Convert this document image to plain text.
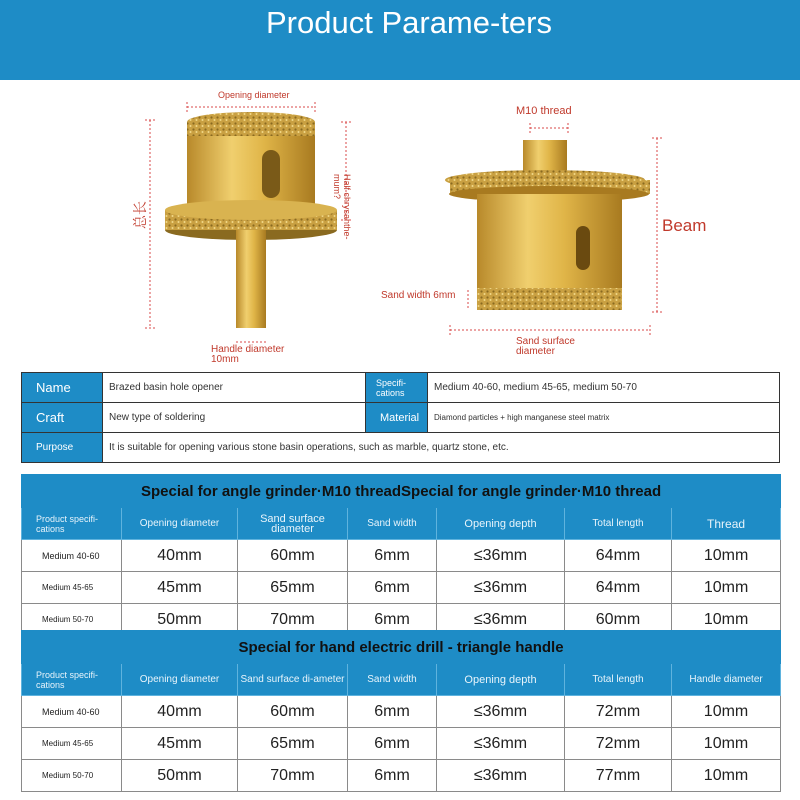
Product Parame-ters
Opening diameter
Half chrysanthe-mum?
总长
Handle diameter 10mm
M10 thread
Beam
Sand width 6mm
Sand surface diameter
Name	Brazed basin hole opener	Specifi-cations	Medium 40-60, medium 45-65, medium 50-70
Craft	New type of soldering	Material	Diamond particles + high manganese steel matrix
Purpose	It is suitable for opening various stone basin operations, such as marble, quartz stone, etc.		
Special for angle grinder·M10 threadSpecial for angle grinder·M10 thread						
Product specifi-cations	Opening diameter	Sand surface diameter	Sand width	Opening depth	Total length	Thread
Medium 40-60	40mm	60mm	6mm	≤36mm	64mm	10mm
Medium 45-65	45mm	65mm	6mm	≤36mm	64mm	10mm
Medium 50-70	50mm	70mm	6mm	≤36mm	60mm	10mm
Special for hand electric drill - triangle handle						
Product specifi-cations	Opening diameter	Sand surface di-ameter	Sand width	Opening depth	Total length	Handle diameter
Medium 40-60	40mm	60mm	6mm	≤36mm	72mm	10mm
Medium 45-65	45mm	65mm	6mm	≤36mm	72mm	10mm
Medium 50-70	50mm	70mm	6mm	≤36mm	77mm	10mm
